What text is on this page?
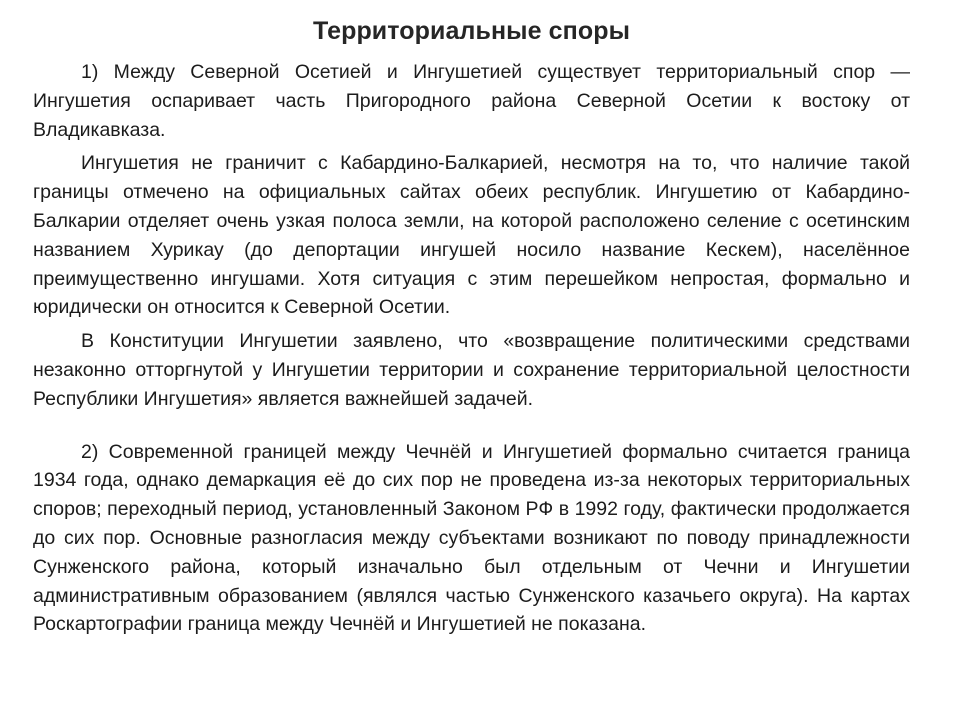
Территориальные споры

1) Между Северной Осетией и Ингушетией существует территориальный спор — Ингушетия оспаривает часть Пригородного района Северной Осетии к востоку от Владикавказа.

Ингушетия не граничит с Кабардино-Балкарией, несмотря на то, что наличие такой границы отмечено на официальных сайтах обеих республик. Ингушетию от Кабардино-Балкарии отделяет очень узкая полоса земли, на которой расположено селение с осетинским названием Хурикау (до депортации ингушей носило название Кескем), населённое преимущественно ингушами. Хотя ситуация с этим перешейком непростая, формально и юридически он относится к Северной Осетии.

В Конституции Ингушетии заявлено, что «возвращение политическими средствами незаконно отторгнутой у Ингушетии территории и сохранение территориальной целостности Республики Ингушетия» является важнейшей задачей.

2) Современной границей между Чечнёй и Ингушетией формально считается граница 1934 года, однако демаркация её до сих пор не проведена из-за некоторых территориальных споров; переходный период, установленный Законом РФ в 1992 году, фактически продолжается до сих пор. Основные разногласия между субъектами возникают по поводу принадлежности Сунженского района, который изначально был отдельным от Чечни и Ингушетии административным образованием (являлся частью Сунженского казачьего округа). На картах Роскартографии граница между Чечнёй и Ингушетией не показана.
